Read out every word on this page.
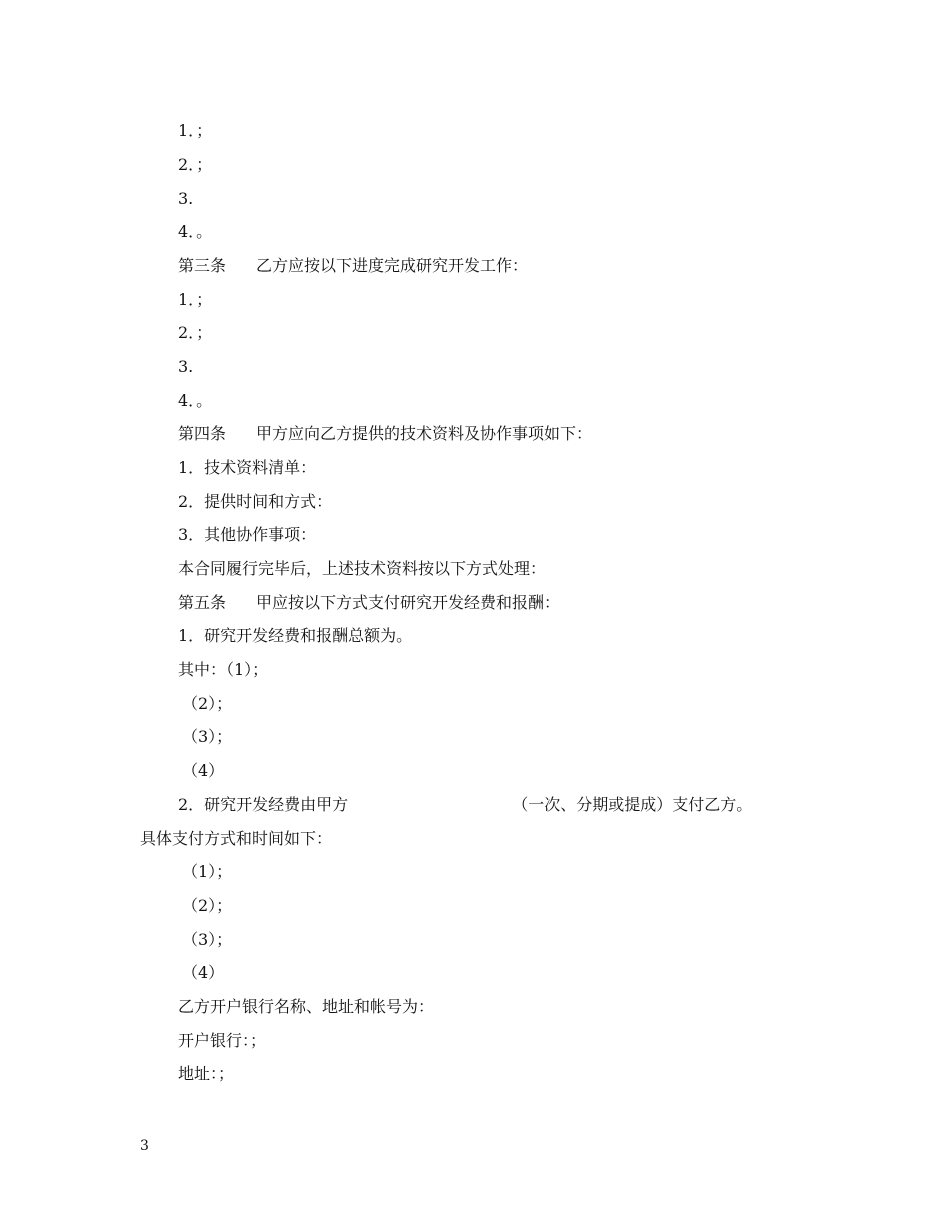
1．；
2．；
3.
4．。
第三条 乙方应按以下进度完成研究开发工作：
1．；
2．；
3.
4．。
第四条 甲方应向乙方提供的技术资料及协作事项如下：
1．技术资料清单：
2．提供时间和方式：
3．其他协作事项：
本合同履行完毕后，上述技术资料按以下方式处理：
第五条 甲应按以下方式支付研究开发经费和报酬：
1．研究开发经费和报酬总额为。
其中：（1）；
（2）；
（3）；
（4）
2．研究开发经费由甲方	（一次、分期或提成）支付乙方。
具体支付方式和时间如下：
（1）；
（2）；
（3）；
（4）
乙方开户银行名称、地址和帐号为：
开户银行：；
地址：；
3
